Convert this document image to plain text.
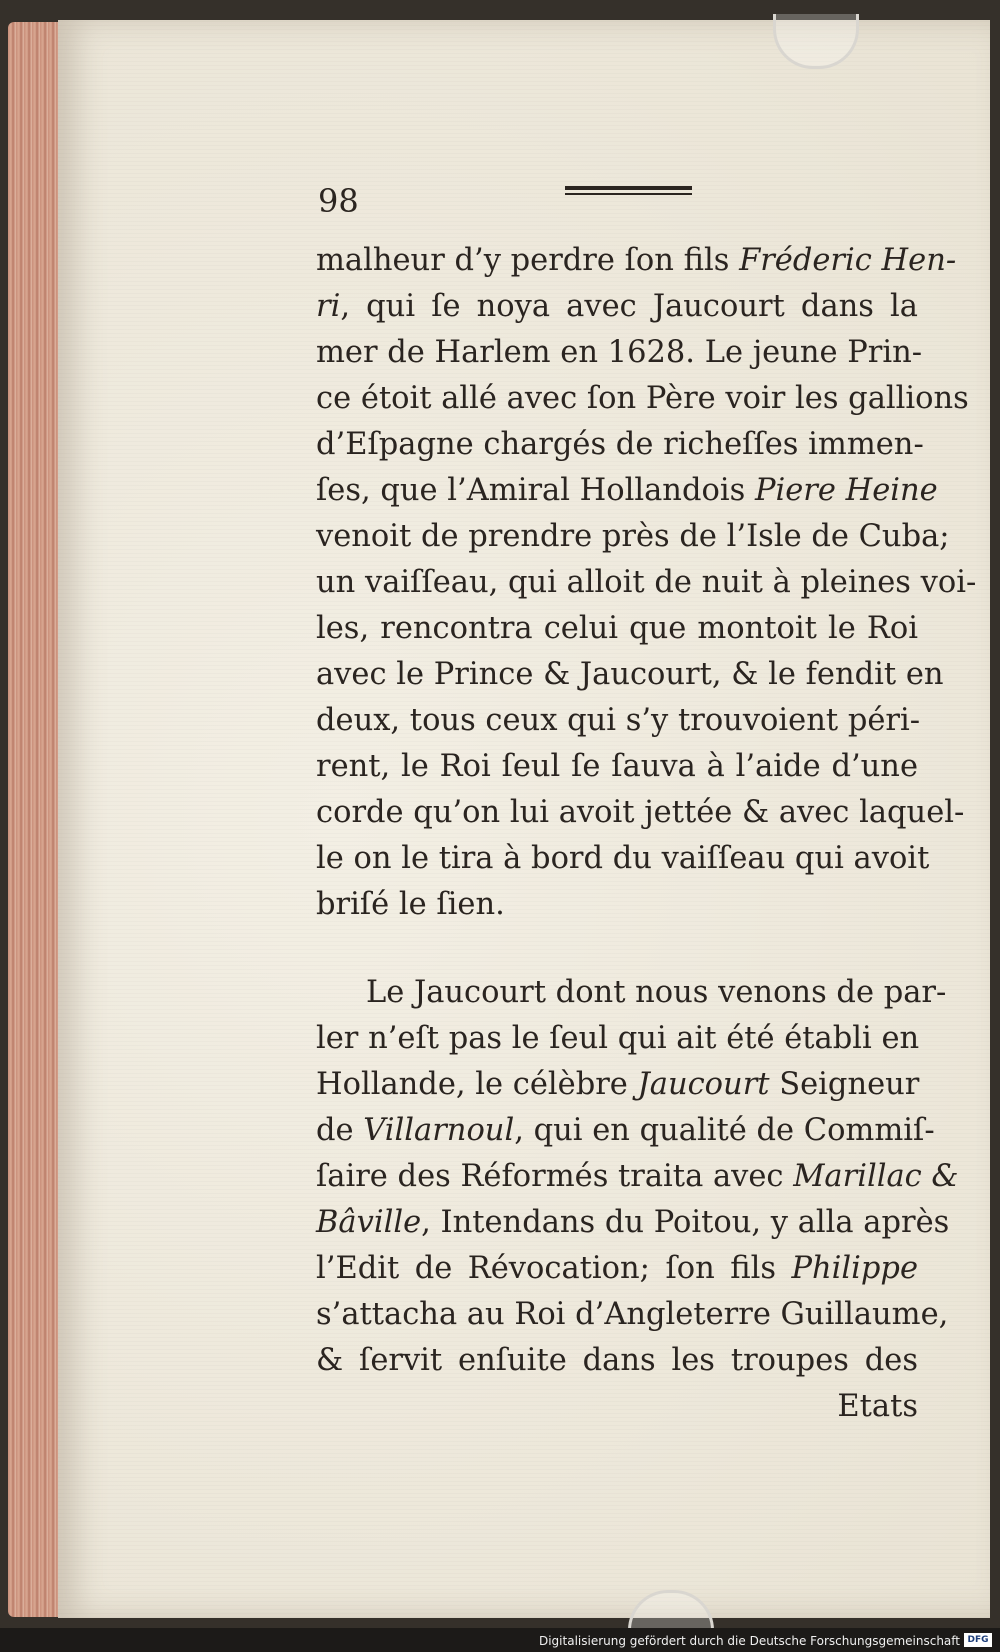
98
malheur d’y perdre ſon fils Fréderic Hen-
ri, qui ſe noya avec Jaucourt dans la
mer de Harlem en 1628. Le jeune Prin-
ce étoit allé avec ſon Père voir les gallions
d’Eſpagne chargés de richeſſes immen-
ſes, que l’Amiral Hollandois Piere Heine
venoit de prendre près de l’Isle de Cuba;
un vaiſſeau, qui alloit de nuit à pleines voi-
les, rencontra celui que montoit le Roi
avec le Prince & Jaucourt, & le fendit en
deux, tous ceux qui s’y trouvoient péri-
rent, le Roi ſeul ſe ſauva à l’aide d’une
corde qu’on lui avoit jettée & avec laquel-
le on le tira à bord du vaiſſeau qui avoit
briſé le ſien.
Le Jaucourt dont nous venons de par-
ler n’eſt pas le ſeul qui ait été établi en
Hollande, le célèbre Jaucourt Seigneur
de Villarnoul, qui en qualité de Commiſ-
ſaire des Réformés traita avec Marillac &
Bâville, Intendans du Poitou, y alla après
l’Edit de Révocation; ſon fils Philippe
s’attacha au Roi d’Angleterre Guillaume,
& ſervit enſuite dans les troupes des
Etats
Digitalisierung gefördert durch die Deutsche Forschungsgemeinschaft DFG
